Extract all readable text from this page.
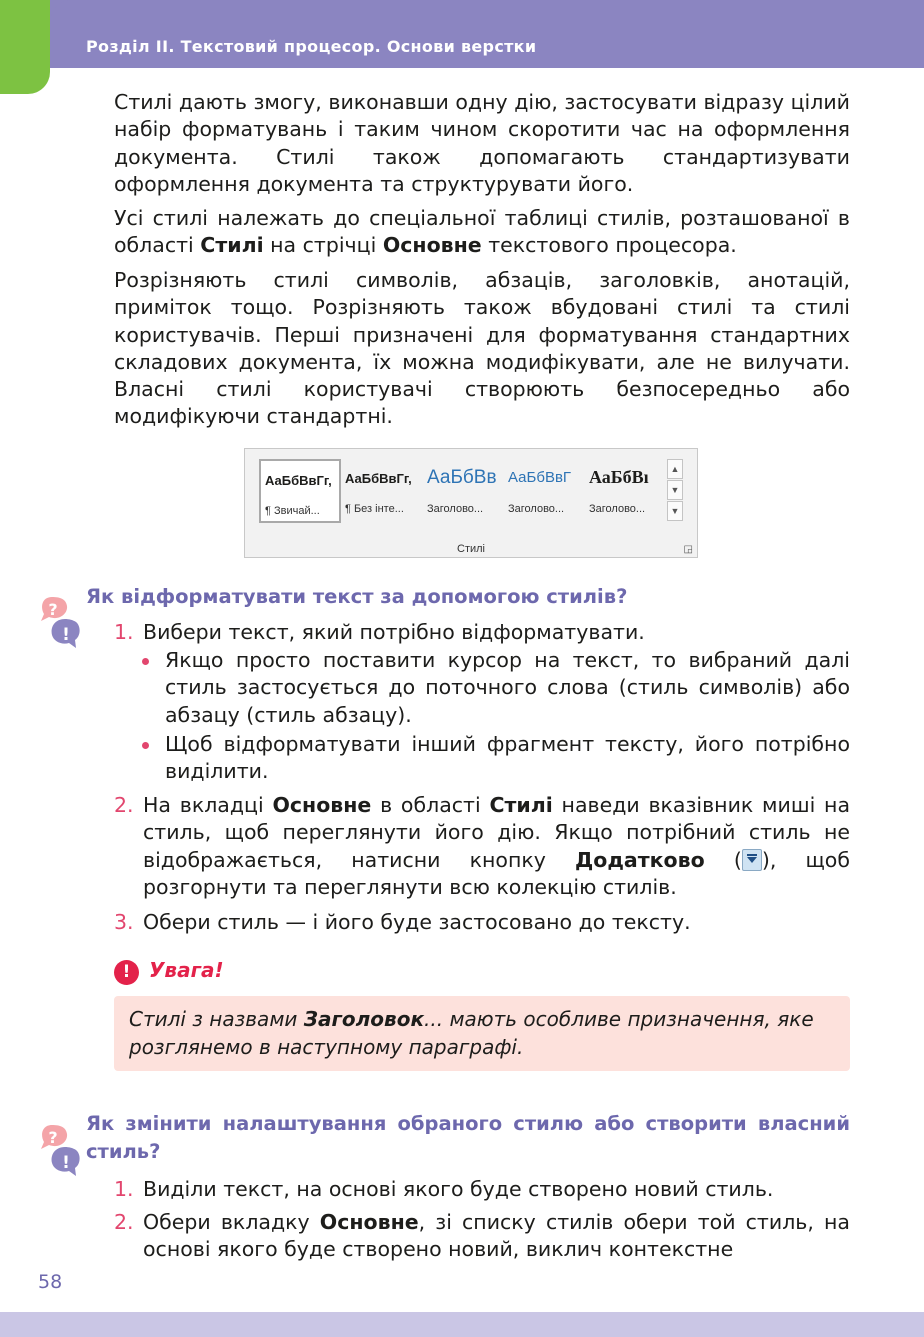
Розділ II. Текстовий процесор. Основи верстки

Стилі дають змогу, виконавши одну дію, застосувати відразу цілий набір форматувань і таким чином скоротити час на оформлення документа. Стилі також допомагають стандартизувати оформлення документа та структурувати його.

Усі стилі належать до спеціальної таблиці стилів, розташованої в області Стилі на стрічці Основне текстового процесора.

Розрізняють стилі символів, абзаців, заголовків, анотацій, приміток тощо. Розрізняють також вбудовані стилі та стилі користувачів. Перші призначені для форматування стандартних складових документа, їх можна модифікувати, але не вилучати. Власні стилі користувачі створюють безпосередньо або модифікуючи стандартні.

АаБбВвГг,
¶ Звичай...
АаБбВвГг,
¶ Без інте...
АаБбВв
Заголово...
АаБбВвГ
Заголово...
АаБбВı
Заголово...
▲
▼
▼
Стилі	◲
?
!
Як відформатувати текст за допомогою стилів?
1. Вибери текст, який потрібно відформатувати.
Якщо просто поставити курсор на текст, то вибраний далі стиль застосується до поточного слова (стиль символів) або абзацу (стиль абзацу).
Щоб відформатувати інший фрагмент тексту, його потрібно виділити.
2. На вкладці Основне в області Стилі наведи вказівник миші на стиль, щоб переглянути його дію. Якщо потрібний стиль не відображається, натисни кнопку Додатково ( ), щоб розгорнути та переглянути всю колекцію стилів.
3. Обери стиль — і його буде застосовано до тексту.
! Увага!

Стилі з назвами Заголовок... мають особливе призначення, яке розглянемо в наступному параграфі.

?
!
Як змінити налаштування обраного стилю або створити власний стиль?
1. Виділи текст, на основі якого буде створено новий стиль.
2. Обери вкладку Основне, зі списку стилів обери той стиль, на основі якого буде створено новий, виклич контекстне
58
